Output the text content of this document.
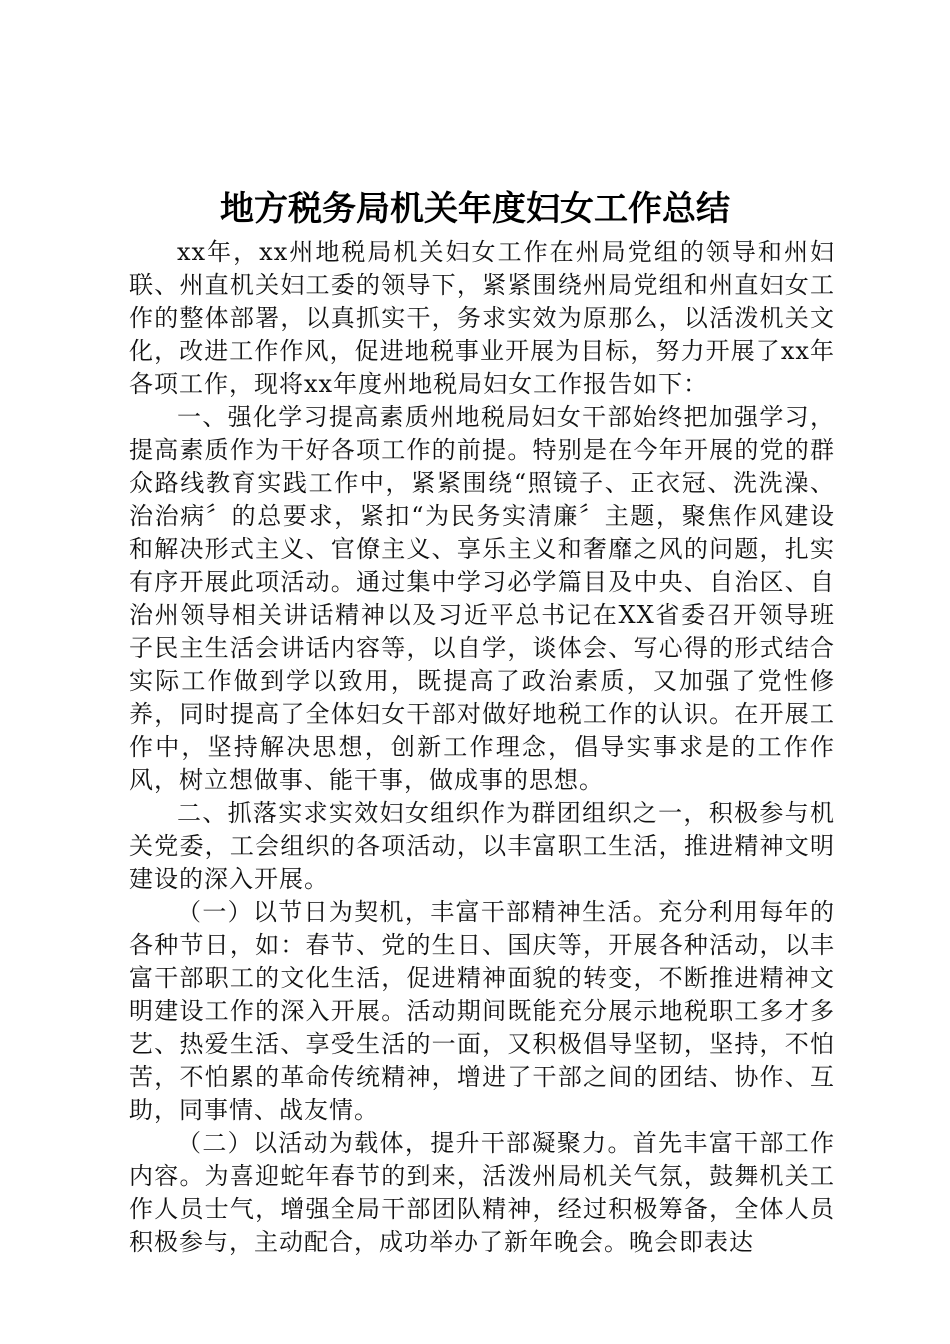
地方税务局机关年度妇女工作总结

xx年，xx州地税局机关妇女工作在州局党组的领导和州妇联、州直机关妇工委的领导下，紧紧围绕州局党组和州直妇女工作的整体部署，以真抓实干，务求实效为原那么，以活泼机关文化，改进工作作风，促进地税事业开展为目标，努力开展了xx年各项工作，现将xx年度州地税局妇女工作报告如下：

一、强化学习提高素质州地税局妇女干部始终把加强学习，提高素质作为干好各项工作的前提。特别是在今年开展的党的群众路线教育实践工作中，紧紧围绕“照镜子、正衣冠、洗洗澡、治治病〞的总要求，紧扣“为民务实清廉〞主题，聚焦作风建设和解决形式主义、官僚主义、享乐主义和奢靡之风的问题，扎实有序开展此项活动。通过集中学习必学篇目及中央、自治区、自治州领导相关讲话精神以及习近平总书记在XX省委召开领导班子民主生活会讲话内容等，以自学，谈体会、写心得的形式结合实际工作做到学以致用，既提高了政治素质，又加强了党性修养，同时提高了全体妇女干部对做好地税工作的认识。在开展工作中，坚持解决思想，创新工作理念，倡导实事求是的工作作风，树立想做事、能干事，做成事的思想。

二、抓落实求实效妇女组织作为群团组织之一，积极参与机关党委，工会组织的各项活动，以丰富职工生活，推进精神文明建设的深入开展。

（一）以节日为契机，丰富干部精神生活。充分利用每年的各种节日，如：春节、党的生日、国庆等，开展各种活动，以丰富干部职工的文化生活，促进精神面貌的转变，不断推进精神文明建设工作的深入开展。活动期间既能充分展示地税职工多才多艺、热爱生活、享受生活的一面，又积极倡导坚韧，坚持，不怕苦，不怕累的革命传统精神，增进了干部之间的团结、协作、互助，同事情、战友情。

（二）以活动为载体，提升干部凝聚力。首先丰富干部工作内容。为喜迎蛇年春节的到来，活泼州局机关气氛，鼓舞机关工作人员士气，增强全局干部团队精神，经过积极筹备，全体人员积极参与，主动配合，成功举办了新年晚会。晚会即表达
